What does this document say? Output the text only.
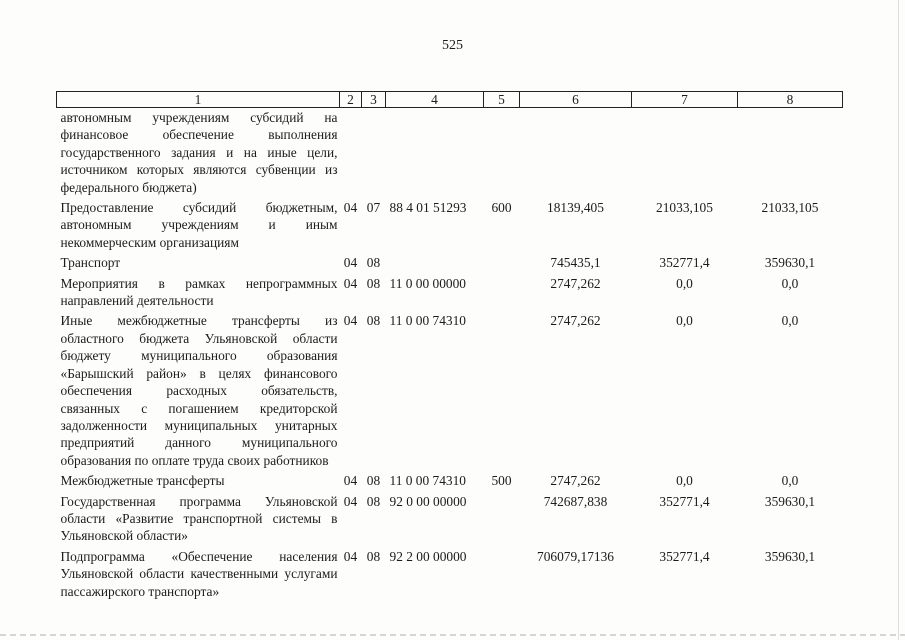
525
1	2	3	4	5	6	7	8
автономным учреждениям субсидий на финансовое обеспечение выполнения государственного задания и на иные цели, источником которых являются субвенции из федерального бюджета)							
Предоставление субсидий бюджетным, автономным учреждениям и иным некоммерческим организациям	04	07	88 4 01 51293	600	18139,405	21033,105	21033,105
Транспорт	04	08			745435,1	352771,4	359630,1
Мероприятия в рамках непрограммных направлений деятельности	04	08	11 0 00 00000		2747,262	0,0	0,0
Иные межбюджетные трансферты из областного бюджета Ульяновской области бюджету муниципального образования «Барышский район» в целях финансового обеспечения расходных обязательств, связанных с погашением кредиторской задолженности муниципальных унитарных предприятий данного муниципального образования по оплате труда своих работников	04	08	11 0 00 74310		2747,262	0,0	0,0
Межбюджетные трансферты	04	08	11 0 00 74310	500	2747,262	0,0	0,0
Государственная программа Ульяновской области «Развитие транспортной системы в Ульяновской области»	04	08	92 0 00 00000		742687,838	352771,4	359630,1
Подпрограмма «Обеспечение населения Ульяновской области качественными услугами пассажирского транспорта»	04	08	92 2 00 00000		706079,17136	352771,4	359630,1
